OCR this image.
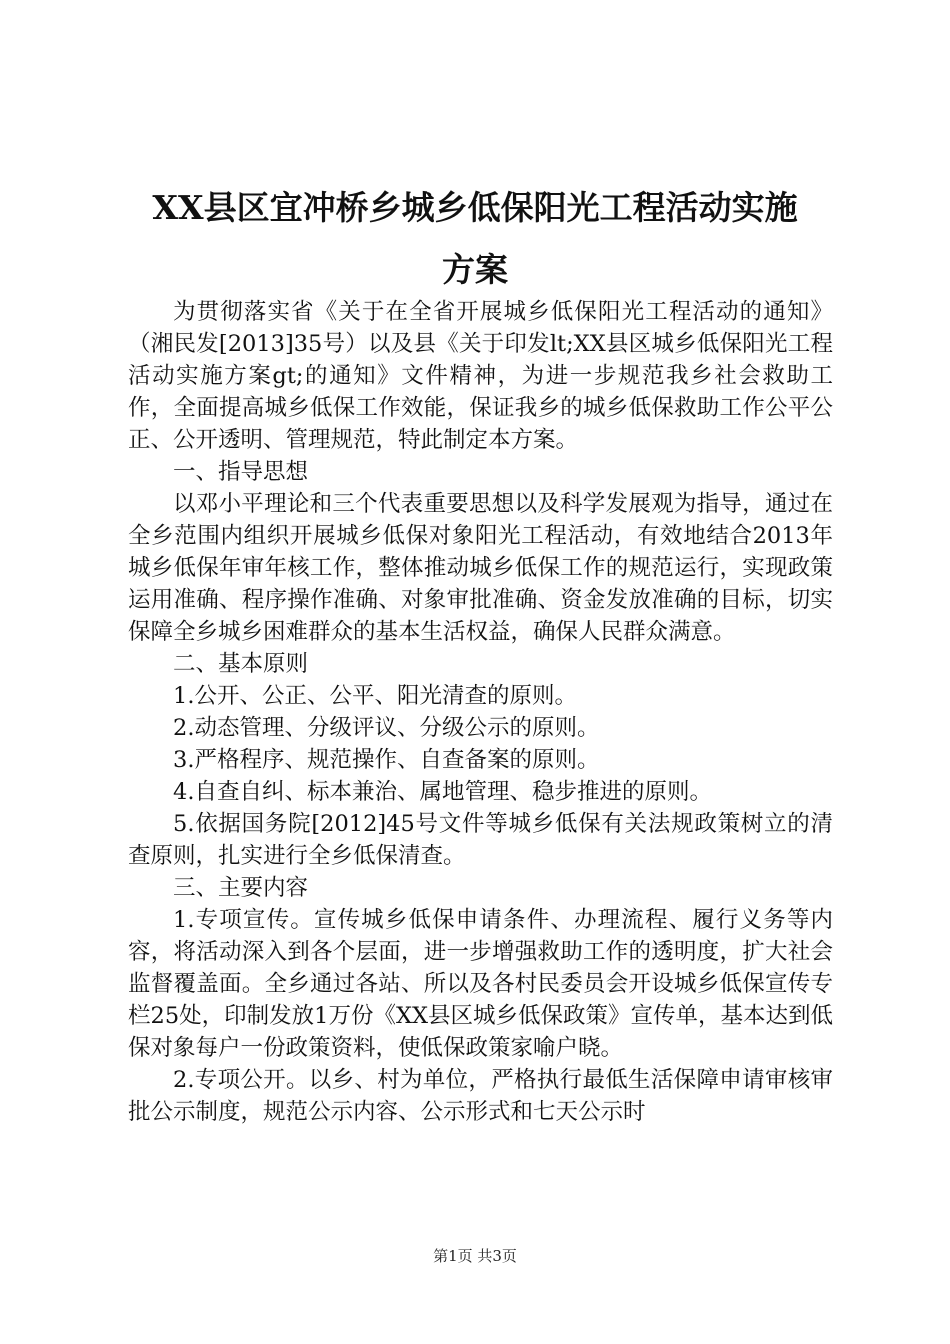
XX县区宜冲桥乡城乡低保阳光工程活动实施
方案

为贯彻落实省《关于在全省开展城乡低保阳光工程活动的通知》（湘民发[2013]35号）以及县《关于印发lt;XX县区城乡低保阳光工程活动实施方案gt;的通知》文件精神，为进一步规范我乡社会救助工作，全面提高城乡低保工作效能，保证我乡的城乡低保救助工作公平公正、公开透明、管理规范，特此制定本方案。

一、指导思想

以邓小平理论和三个代表重要思想以及科学发展观为指导，通过在全乡范围内组织开展城乡低保对象阳光工程活动，有效地结合2013年城乡低保年审年核工作，整体推动城乡低保工作的规范运行，实现政策运用准确、程序操作准确、对象审批准确、资金发放准确的目标，切实保障全乡城乡困难群众的基本生活权益，确保人民群众满意。

二、基本原则

1.公开、公正、公平、阳光清查的原则。

2.动态管理、分级评议、分级公示的原则。

3.严格程序、规范操作、自查备案的原则。

4.自查自纠、标本兼治、属地管理、稳步推进的原则。

5.依据国务院[2012]45号文件等城乡低保有关法规政策树立的清查原则，扎实进行全乡低保清查。

三、主要内容

1.专项宣传。宣传城乡低保申请条件、办理流程、履行义务等内容，将活动深入到各个层面，进一步增强救助工作的透明度，扩大社会监督覆盖面。全乡通过各站、所以及各村民委员会开设城乡低保宣传专栏25处，印制发放1万份《XX县区城乡低保政策》宣传单，基本达到低保对象每户一份政策资料，使低保政策家喻户晓。

2.专项公开。以乡、村为单位，严格执行最低生活保障申请审核审批公示制度，规范公示内容、公示形式和七天公示时

第1页 共3页
